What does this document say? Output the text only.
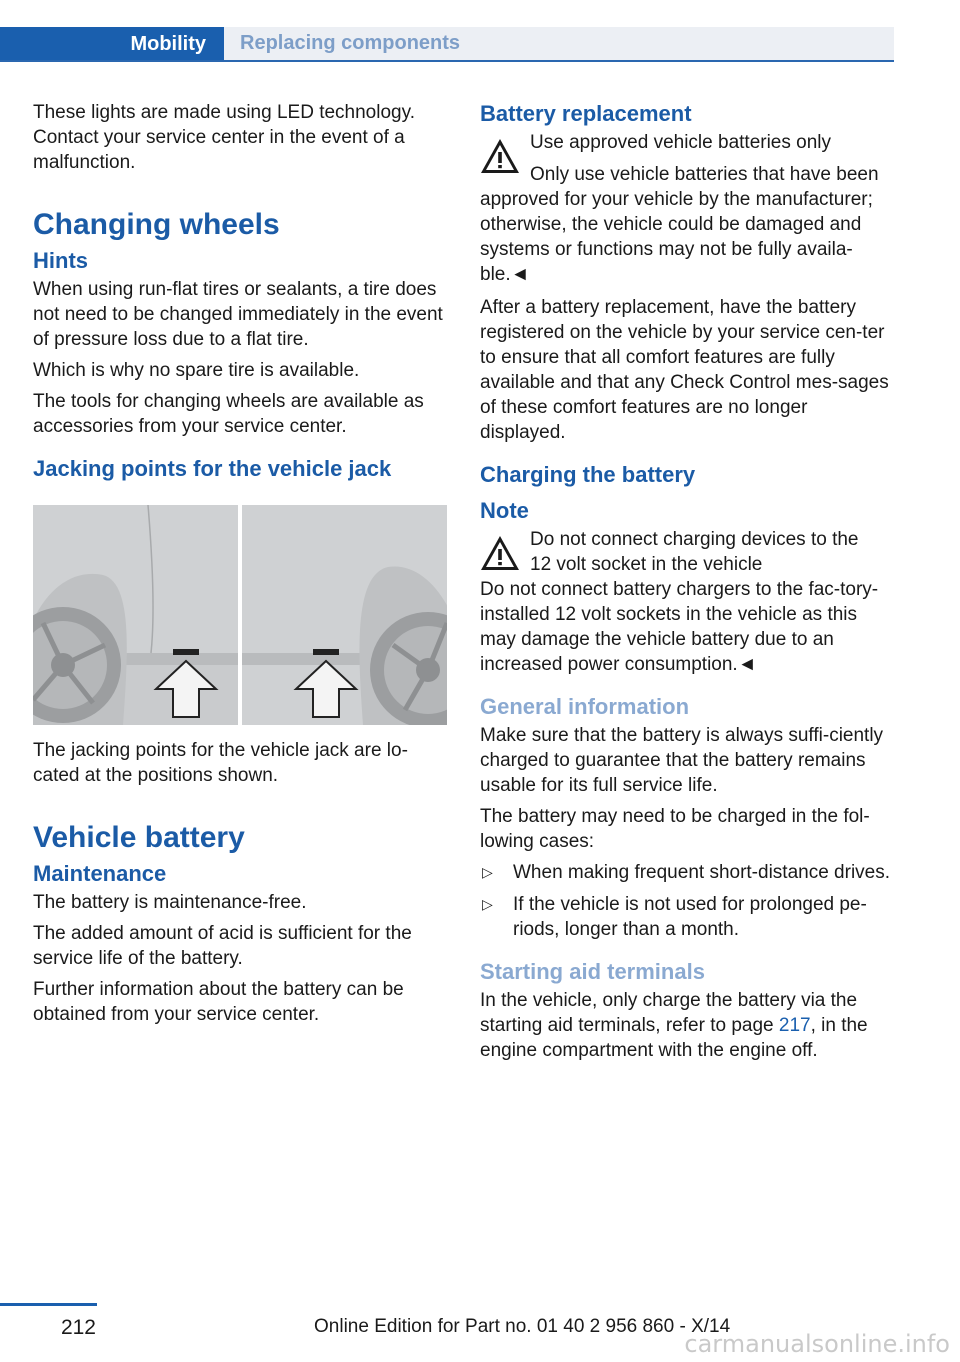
Mobility	Replacing components

These lights are made using LED technology. Contact your service center in the event of a malfunction.

Changing wheels
Hints

When using run-flat tires or sealants, a tire does not need to be changed immediately in the event of pressure loss due to a flat tire.

Which is why no spare tire is available.

The tools for changing wheels are available as accessories from your service center.

Jacking points for the vehicle jack

The jacking points for the vehicle jack are lo‐cated at the positions shown.

Vehicle battery
Maintenance

The battery is maintenance-free.

The added amount of acid is sufficient for the service life of the battery.

Further information about the battery can be obtained from your service center.

Battery replacement
Use approved vehicle batteries only
Only use vehicle batteries that have been

approved for your vehicle by the manufacturer; otherwise, the vehicle could be damaged and systems or functions may not be fully availa‐ble.◄

After a battery replacement, have the battery registered on the vehicle by your service cen‐ter to ensure that all comfort features are fully available and that any Check Control mes‐sages of these comfort features are no longer displayed.

Charging the battery
Note
Do not connect charging devices to the
12 volt socket in the vehicle

Do not connect battery chargers to the fac‐tory-installed 12 volt sockets in the vehicle as this may damage the vehicle battery due to an increased power consumption.◄

General information

Make sure that the battery is always suffi‐ciently charged to guarantee that the battery remains usable for its full service life.

The battery may need to be charged in the fol‐lowing cases:

▷ When making frequent short-distance drives.
▷ If the vehicle is not used for prolonged pe‐riods, longer than a month.
Starting aid terminals

In the vehicle, only charge the battery via the starting aid terminals, refer to page 217, in the engine compartment with the engine off.

212	Online Edition for Part no. 01 40 2 956 860 - X/14
carmanualsonline.info
